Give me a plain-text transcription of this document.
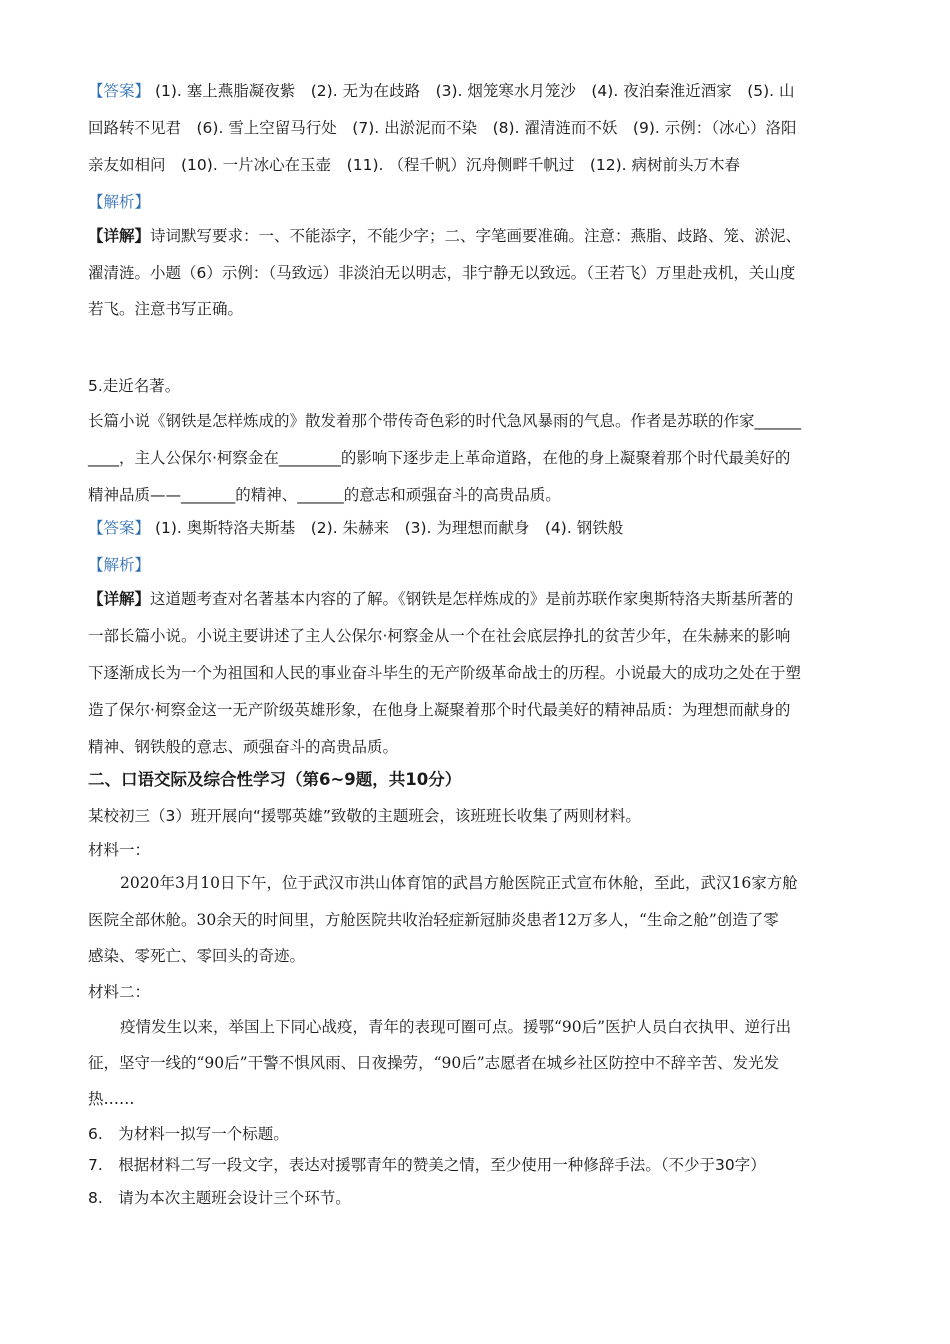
【答案】 (1). 塞上燕脂凝夜紫　(2). 无为在歧路　(3). 烟笼寒水月笼沙　(4). 夜泊秦淮近酒家　(5). 山
回路转不见君　(6). 雪上空留马行处　(7). 出淤泥而不染　(8). 濯清涟而不妖　(9). 示例：（冰心）洛阳
亲友如相问　(10). 一片冰心在玉壶　(11). （程千帆）沉舟侧畔千帆过　(12). 病树前头万木春
【解析】
【详解】诗词默写要求：一、不能添字，不能少字；二、字笔画要准确。注意：燕脂、歧路、笼、淤泥、
濯清涟。小题（6）示例：（马致远）非淡泊无以明志，非宁静无以致远。（王若飞）万里赴戎机，关山度
若飞。注意书写正确。
5.走近名著。
长篇小说《钢铁是怎样炼成的》散发着那个带传奇色彩的时代急风暴雨的气息。作者是苏联的作家______
____，主人公保尔·柯察金在________的影响下逐步走上革命道路，在他的身上凝聚着那个时代最美好的
精神品质——_______的精神、______的意志和顽强奋斗的高贵品质。
【答案】 (1). 奥斯特洛夫斯基　(2). 朱赫来　(3). 为理想而献身　(4). 钢铁般
【解析】
【详解】这道题考查对名著基本内容的了解。《钢铁是怎样炼成的》是前苏联作家奥斯特洛夫斯基所著的
一部长篇小说。小说主要讲述了主人公保尔·柯察金从一个在社会底层挣扎的贫苦少年，在朱赫来的影响
下逐渐成长为一个为祖国和人民的事业奋斗毕生的无产阶级革命战士的历程。小说最大的成功之处在于塑
造了保尔·柯察金这一无产阶级英雄形象，在他身上凝聚着那个时代最美好的精神品质：为理想而献身的
精神、钢铁般的意志、顽强奋斗的高贵品质。
二、口语交际及综合性学习（第6~9题，共10分）
某校初三（3）班开展向“援鄂英雄”致敬的主题班会，该班班长收集了两则材料。
材料一：
2020年3月10日下午，位于武汉市洪山体育馆的武昌方舱医院正式宣布休舱，至此，武汉16家方舱
医院全部休舱。30余天的时间里，方舱医院共收治轻症新冠肺炎患者12万多人，“生命之舱”创造了零
感染、零死亡、零回头的奇迹。
材料二：
疫情发生以来，举国上下同心战疫，青年的表现可圈可点。援鄂“90后”医护人员白衣执甲、逆行出
征，坚守一线的“90后”干警不惧风雨、日夜操劳，“90后”志愿者在城乡社区防控中不辞辛苦、发光发
热……
6.　为材料一拟写一个标题。
7.　根据材料二写一段文字，表达对援鄂青年的赞美之情，至少使用一种修辞手法。（不少于30字）
8.　请为本次主题班会设计三个环节。
